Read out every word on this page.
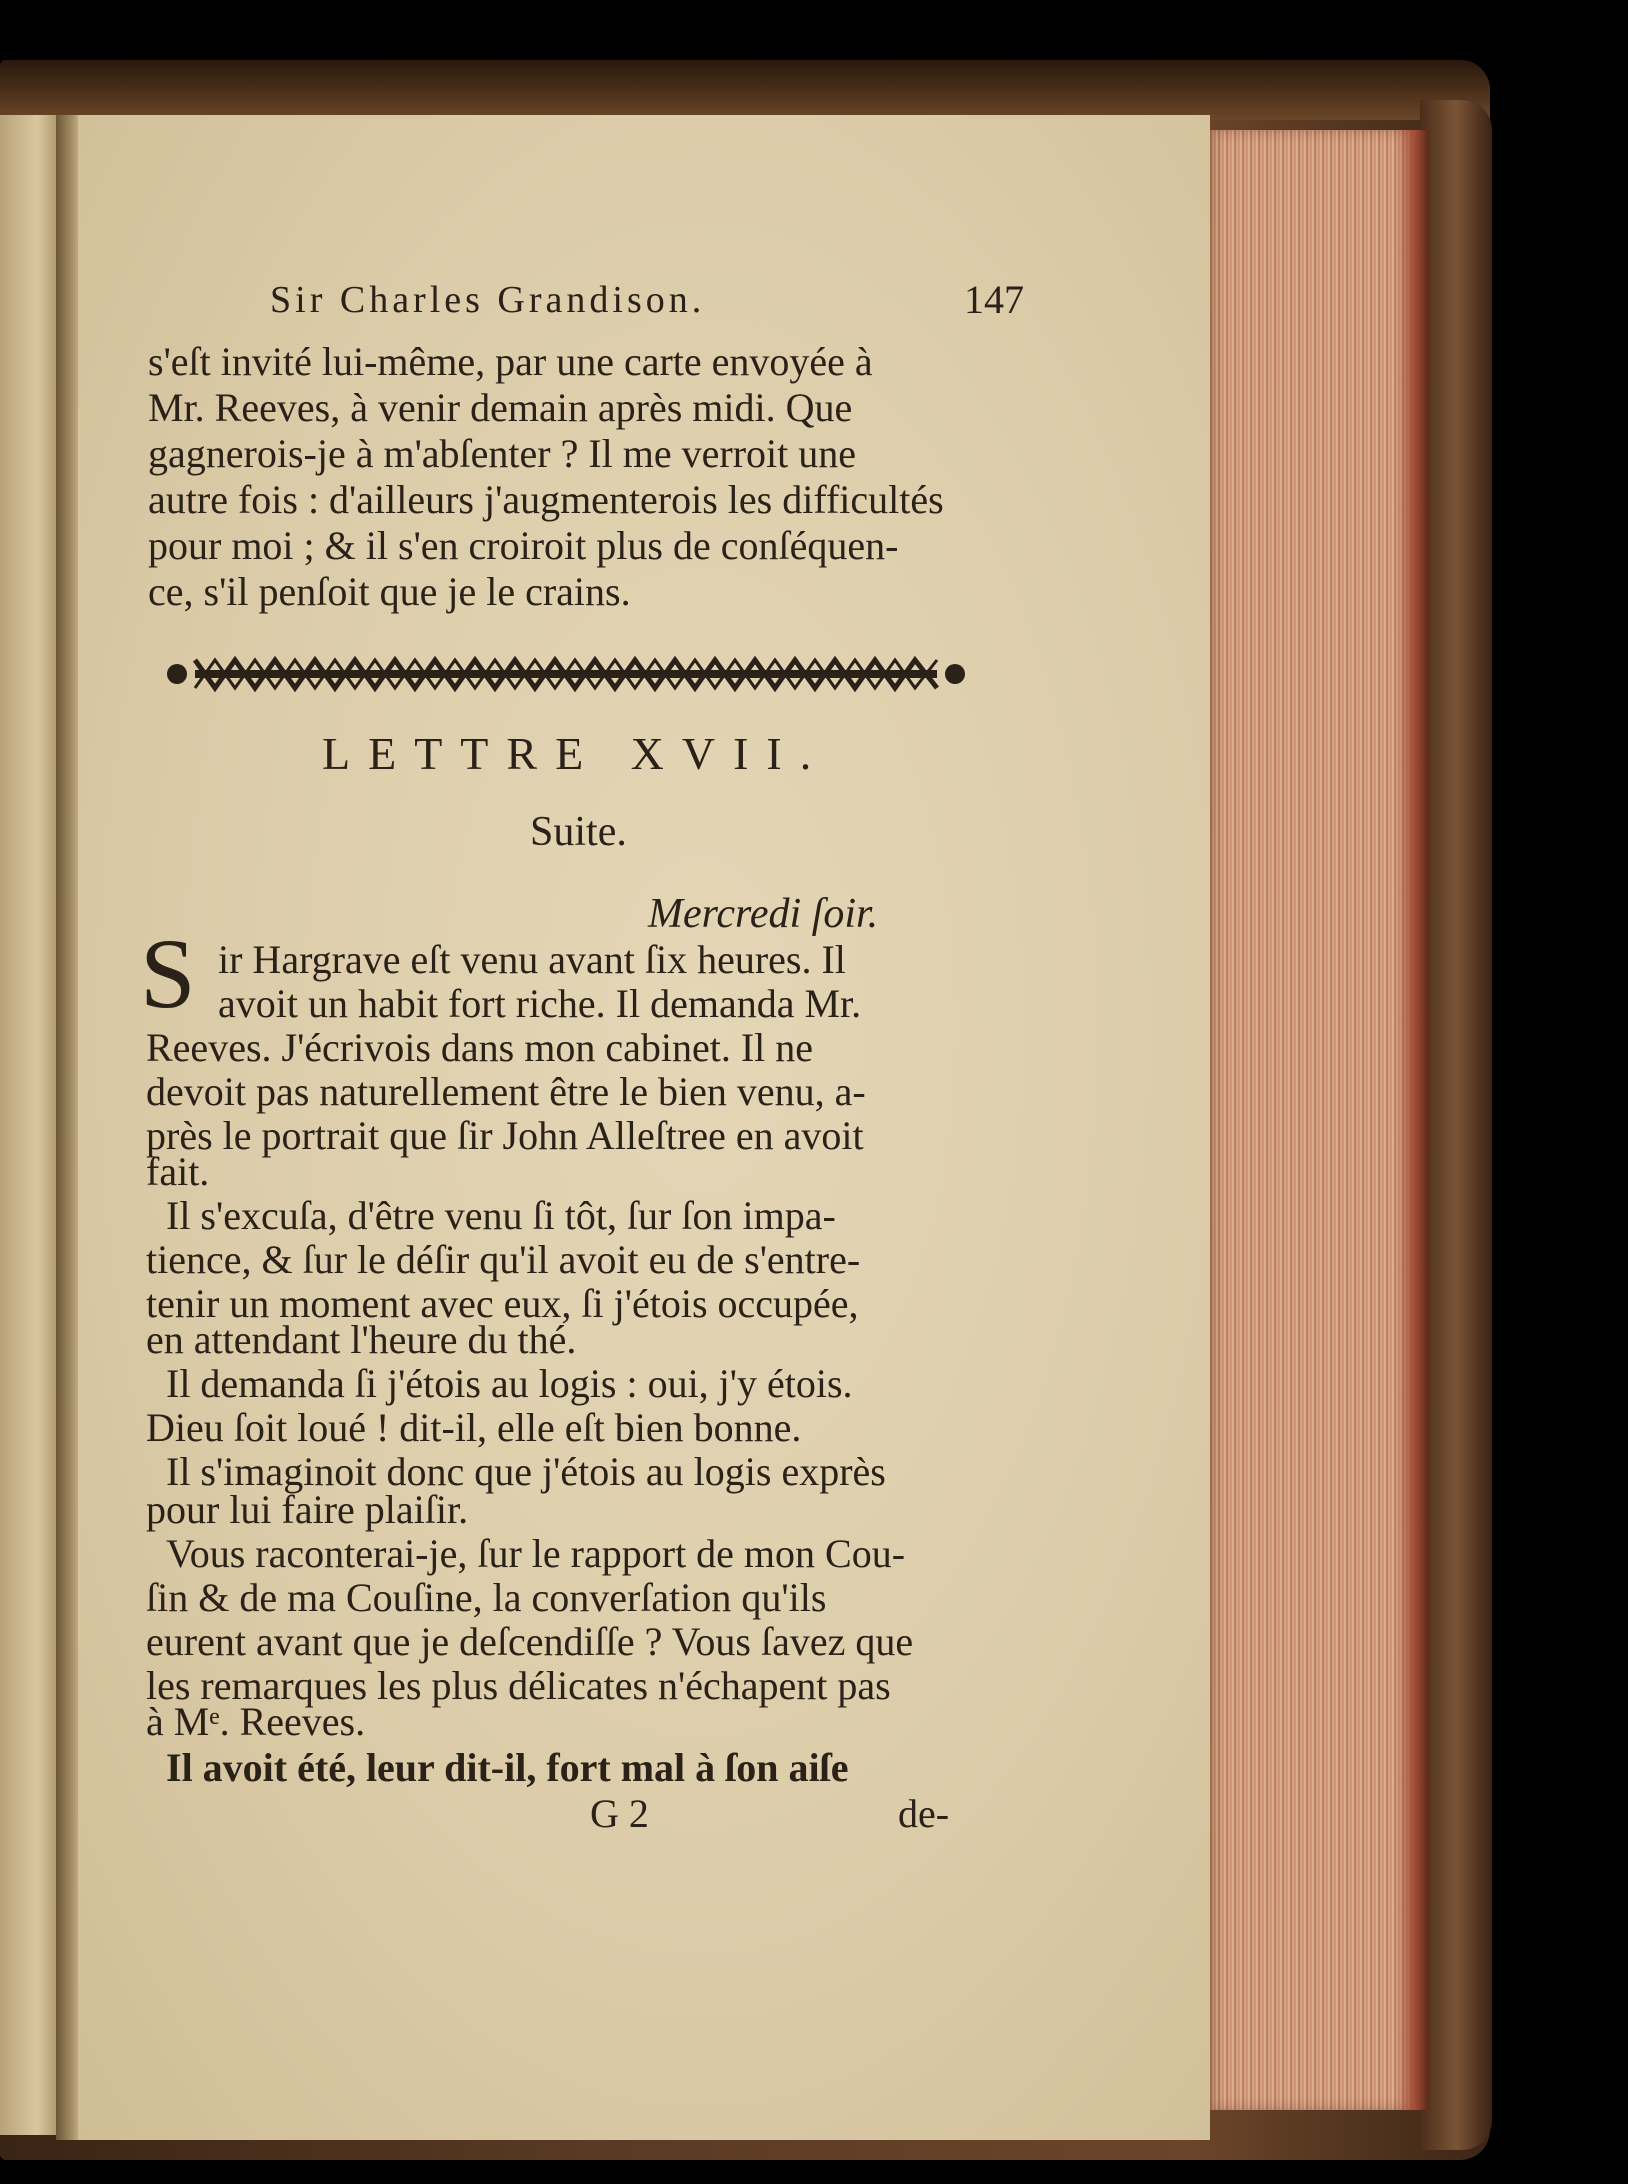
Sir Charles Grandison.	147
s'eſt invité lui-même, par une carte envoyée à
Mr. Reeves, à venir demain après midi. Que
gagnerois-je à m'abſenter ? Il me verroit une
autre fois : d'ailleurs j'augmenterois les difficultés
pour moi ; & il s'en croiroit plus de conſéquen-
ce, s'il penſoit que je le crains.
LETTRE XVII.
Suite.
Mercredi ſoir.
S ir Hargrave eſt venu avant ſix heures. Il
avoit un habit fort riche. Il demanda Mr.
Reeves. J'écrivois dans mon cabinet. Il ne
devoit pas naturellement être le bien venu, a-
près le portrait que ſir John Alleſtree en avoit
fait.
Il s'excuſa, d'être venu ſi tôt, ſur ſon impa-
tience, & ſur le déſir qu'il avoit eu de s'entre-
tenir un moment avec eux, ſi j'étois occupée,
en attendant l'heure du thé.
Il demanda ſi j'étois au logis : oui, j'y étois.
Dieu ſoit loué ! dit-il, elle eſt bien bonne.
Il s'imaginoit donc que j'étois au logis exprès
pour lui faire plaiſir.
Vous raconterai-je, ſur le rapport de mon Cou-
ſin & de ma Couſine, la converſation qu'ils
eurent avant que je deſcendiſſe ? Vous ſavez que
les remarques les plus délicates n'échapent pas
à Mᵉ. Reeves.
Il avoit été, leur dit-il, fort mal à ſon aiſe
G 2	de-
